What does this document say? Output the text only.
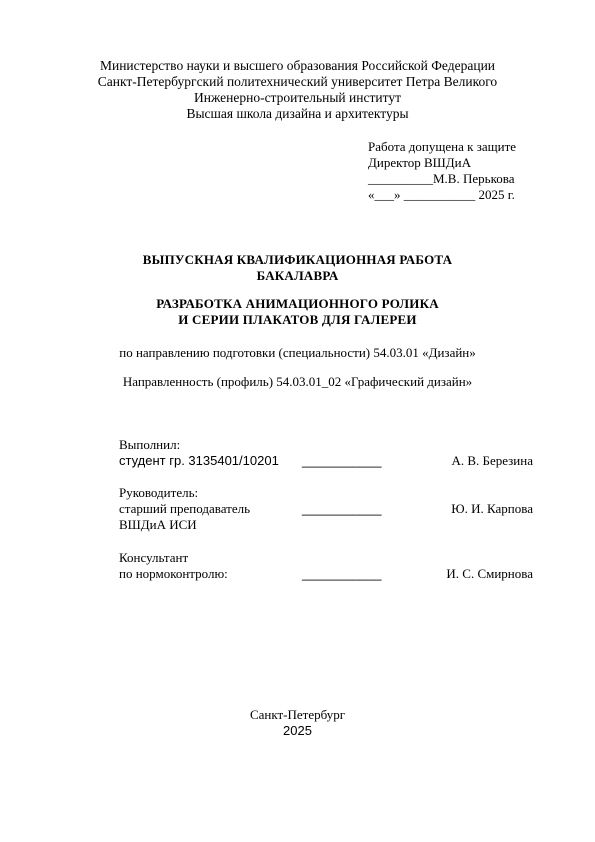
Министерство науки и высшего образования Российской Федерации
Санкт-Петербургский политехнический университет Петра Великого
Инженерно-строительный институт
Высшая школа дизайна и архитектуры
Работа допущена к защите
Директор ВШДиА
__________М.В. Перькова
«___» ___________ 2025 г.
ВЫПУСКНАЯ КВАЛИФИКАЦИОННАЯ РАБОТА
БАКАЛАВРА
РАЗРАБОТКА АНИМАЦИОННОГО РОЛИКА
И СЕРИИ ПЛАКАТОВ ДЛЯ ГАЛЕРЕИ
по направлению подготовки (специальности) 54.03.01 «Дизайн»
Направленность (профиль) 54.03.01_02 «Графический дизайн»
Выполнил:
студент гр. 3135401/10201 ___________	А. В. Березина
Руководитель:
старший преподаватель	___________	Ю. И. Карпова
ВШДиА ИСИ
Консультант
по нормоконтролю:	___________	И. С. Смирнова
Санкт-Петербург
2025
